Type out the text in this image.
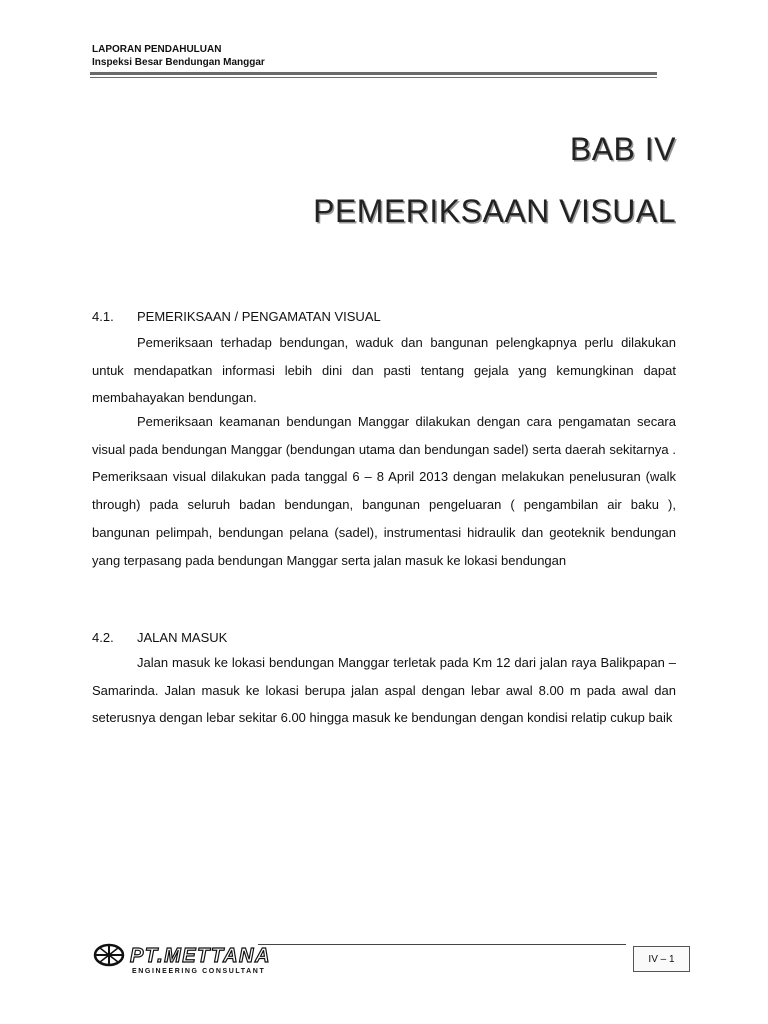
LAPORAN PENDAHULUAN
Inspeksi Besar Bendungan Manggar
BAB IV
PEMERIKSAAN VISUAL
4.1. PEMERIKSAAN / PENGAMATAN VISUAL

Pemeriksaan terhadap bendungan, waduk dan bangunan pelengkapnya perlu dilakukan untuk mendapatkan informasi lebih dini dan pasti tentang gejala yang kemungkinan dapat membahayakan bendungan.

Pemeriksaan keamanan bendungan Manggar dilakukan dengan cara pengamatan secara visual pada bendungan Manggar (bendungan utama dan bendungan sadel) serta daerah sekitarnya . Pemeriksaan visual dilakukan pada tanggal 6 – 8 April 2013 dengan melakukan penelusuran (walk through) pada seluruh badan bendungan, bangunan pengeluaran ( pengambilan air baku ), bangunan pelimpah, bendungan pelana (sadel), instrumentasi hidraulik dan geoteknik bendungan yang terpasang pada bendungan Manggar serta jalan masuk ke lokasi bendungan

4.2. JALAN MASUK

Jalan masuk ke lokasi bendungan Manggar terletak pada Km 12 dari jalan raya Balikpapan – Samarinda. Jalan masuk ke lokasi berupa jalan aspal dengan lebar awal 8.00 m pada awal dan seterusnya dengan lebar sekitar 6.00 hingga masuk ke bendungan dengan kondisi relatip cukup baik

PT.METTANA
ENGINEERING CONSULTANT
IV – 1
